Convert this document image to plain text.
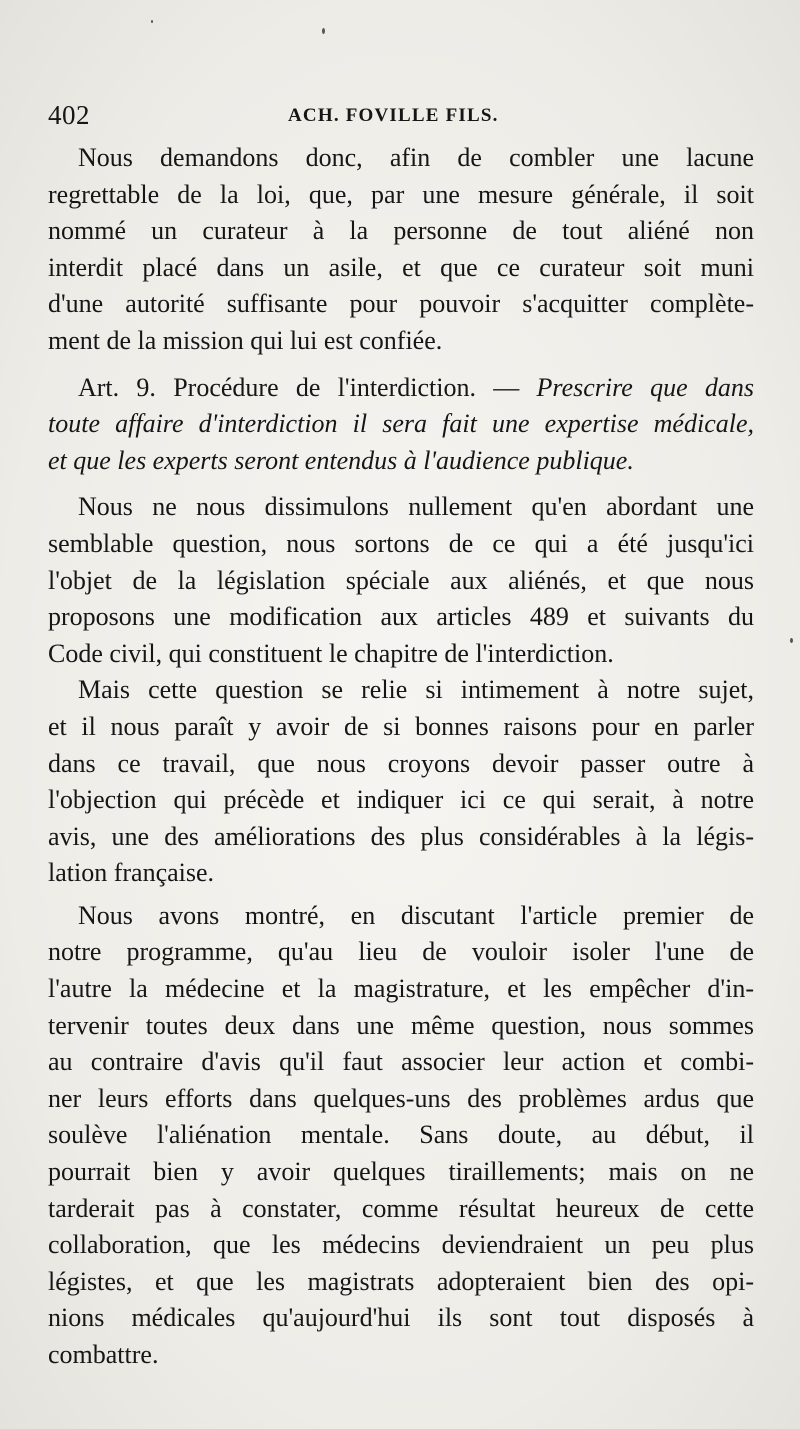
402	ACH. FOVILLE FILS.
Nous demandons donc, afin de combler une lacune
regrettable de la loi, que, par une mesure générale, il soit
nommé un curateur à la personne de tout aliéné non
interdit placé dans un asile, et que ce curateur soit muni
d'une autorité suffisante pour pouvoir s'acquitter complète-
ment de la mission qui lui est confiée.
Art. 9. Procédure de l'interdiction. — Prescrire que dans
toute affaire d'interdiction il sera fait une expertise médicale,
et que les experts seront entendus à l'audience publique.
Nous ne nous dissimulons nullement qu'en abordant une
semblable question, nous sortons de ce qui a été jusqu'ici
l'objet de la législation spéciale aux aliénés, et que nous
proposons une modification aux articles 489 et suivants du
Code civil, qui constituent le chapitre de l'interdiction.
Mais cette question se relie si intimement à notre sujet,
et il nous paraît y avoir de si bonnes raisons pour en parler
dans ce travail, que nous croyons devoir passer outre à
l'objection qui précède et indiquer ici ce qui serait, à notre
avis, une des améliorations des plus considérables à la légis-
lation française.
Nous avons montré, en discutant l'article premier de
notre programme, qu'au lieu de vouloir isoler l'une de
l'autre la médecine et la magistrature, et les empêcher d'in-
tervenir toutes deux dans une même question, nous sommes
au contraire d'avis qu'il faut associer leur action et combi-
ner leurs efforts dans quelques-uns des problèmes ardus que
soulève l'aliénation mentale. Sans doute, au début, il
pourrait bien y avoir quelques tiraillements; mais on ne
tarderait pas à constater, comme résultat heureux de cette
collaboration, que les médecins deviendraient un peu plus
légistes, et que les magistrats adopteraient bien des opi-
nions médicales qu'aujourd'hui ils sont tout disposés à
combattre.
